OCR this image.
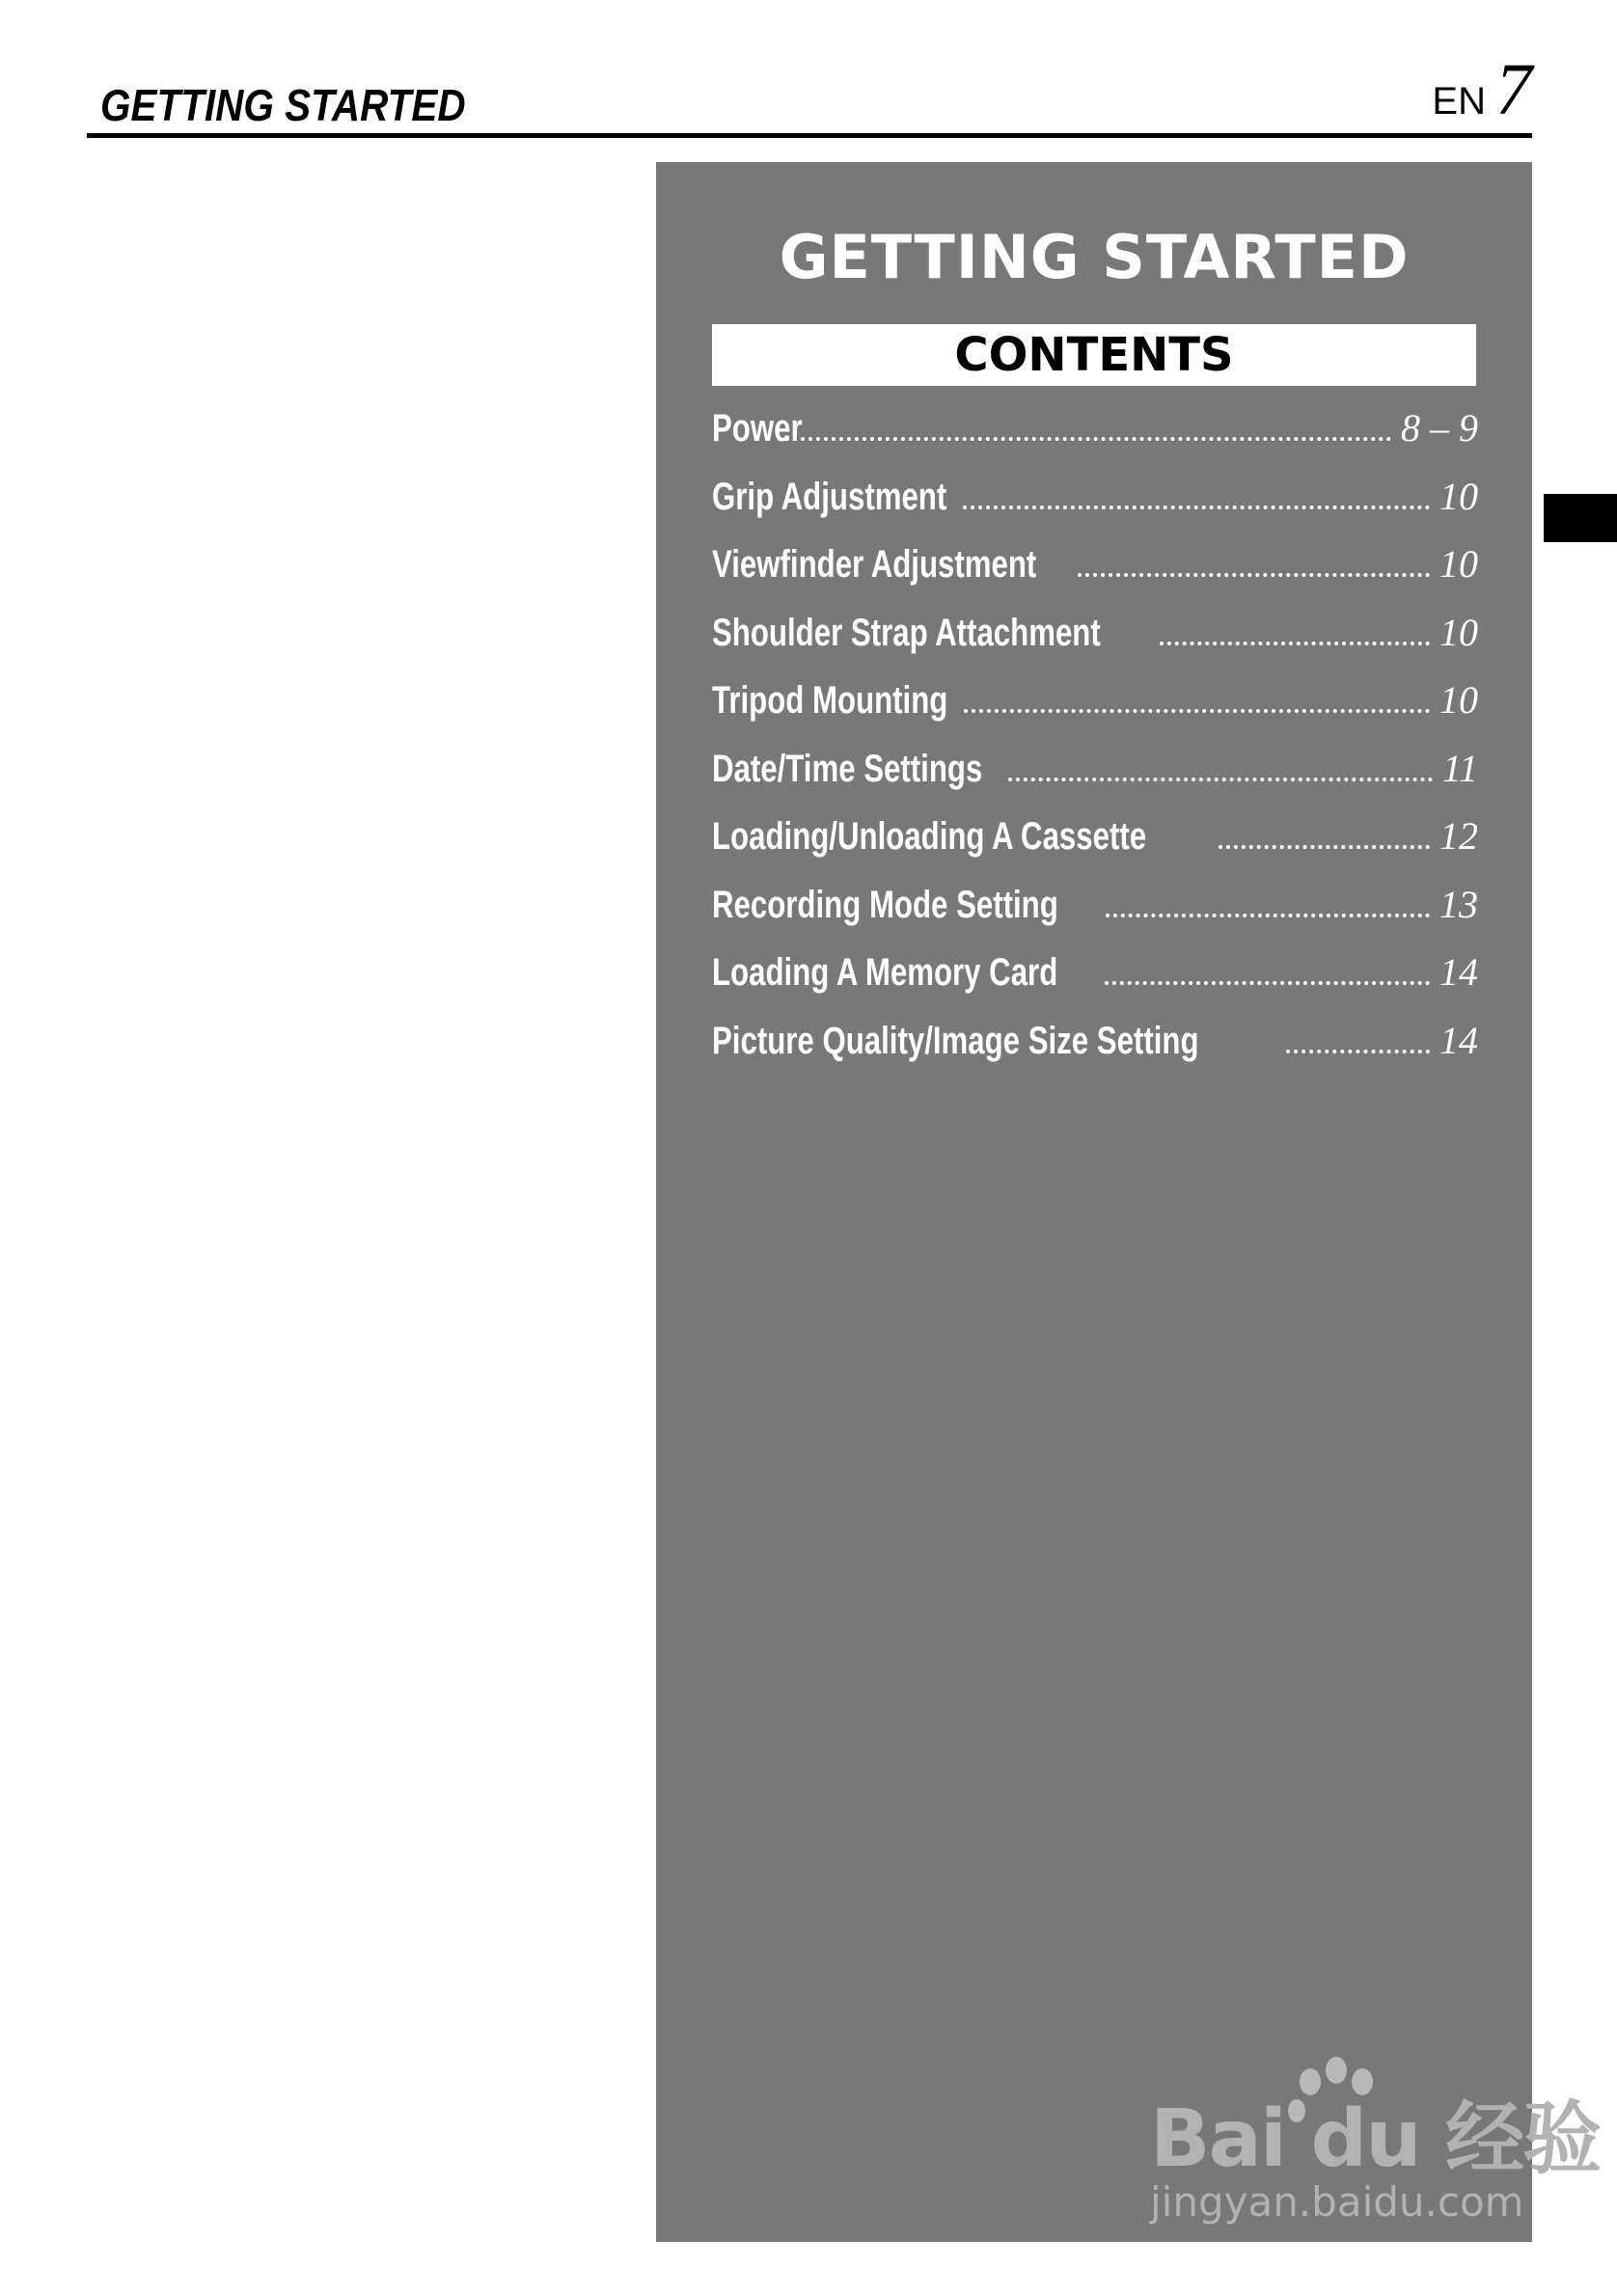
GETTING STARTED	EN 7
GETTING STARTED
CONTENTS
Power	8 – 9
Grip Adjustment	10
Viewfinder Adjustment	10
Shoulder Strap Attachment	10
Tripod Mounting	10
Date/Time Settings	11
Loading/Unloading A Cassette	12
Recording Mode Setting	13
Loading A Memory Card	14
Picture Quality/Image Size Setting	14
Bai du 经验
jingyan.baidu.com
